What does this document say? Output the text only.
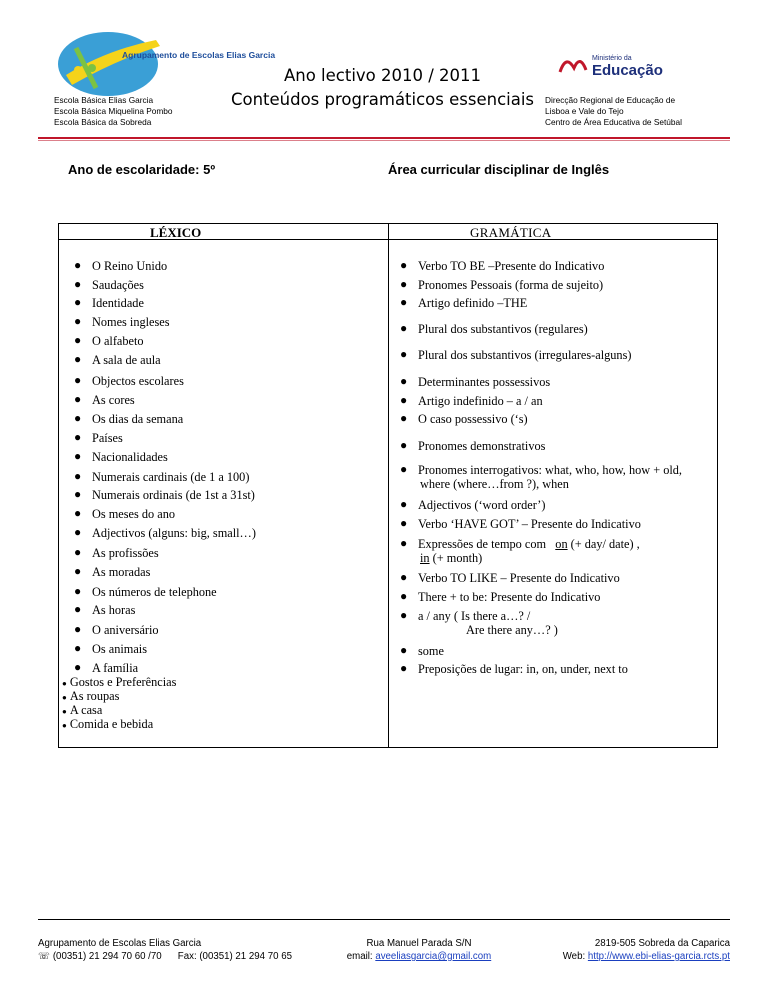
Agrupamento de Escolas Elias Garcia
Escola Básica Elias Garcia
Escola Básica Miquelina Pombo
Escola Básica da Sobreda
Ano lectivo 2010 / 2011
Conteúdos programáticos essenciais
Ministério da
Educação
Direcção Regional de Educação de
Lisboa e Vale do Tejo
Centro de Área Educativa de Setúbal
Ano de escolaridade: 5º	Área curricular disciplinar de Inglês
LÉXICO	GRAMÁTICA
● O Reino Unido
● Saudações
● Identidade
● Nomes ingleses
● O alfabeto
● A sala de aula
● Objectos escolares
● As cores
● Os dias da semana
● Países
● Nacionalidades
● Numerais cardinais (de 1 a 100)
● Numerais ordinais (de 1st a 31st)
● Os meses do ano
● Adjectivos (alguns: big, small…)
● As profissões
● As moradas
● Os números de telephone
● As horas
● O aniversário
● Os animais
● A família
● Gostos e Preferências
● As roupas
● A casa
● Comida e bebida
● Verbo TO BE –Presente do Indicativo
● Pronomes Pessoais (forma de sujeito)
● Artigo definido –THE
● Plural dos substantivos (regulares)
● Plural dos substantivos (irregulares-alguns)
● Determinantes possessivos
● Artigo indefinido – a / an
● O caso possessivo (‘s)
● Pronomes demonstrativos
● Pronomes interrogativos: what, who, how, how + old,
where (where…from ?), when
● Adjectivos (‘word order’)
● Verbo ‘HAVE GOT’ – Presente do Indicativo
● Expressões de tempo com on (+ day/ date) ,
in (+ month)
● Verbo TO LIKE – Presente do Indicativo
● There + to be: Presente do Indicativo
● a / any ( Is there a…? /
Are there any…? )
● some
● Preposições de lugar: in, on, under, next to
Agrupamento de Escolas Elias Garcia
☏ (00351) 21 294 70 60 /70 Fax: (00351) 21 294 70 65
Rua Manuel Parada S/N
email: aveeliasgarcia@gmail.com
2819-505 Sobreda da Caparica
Web: http://www.ebi-elias-garcia.rcts.pt
